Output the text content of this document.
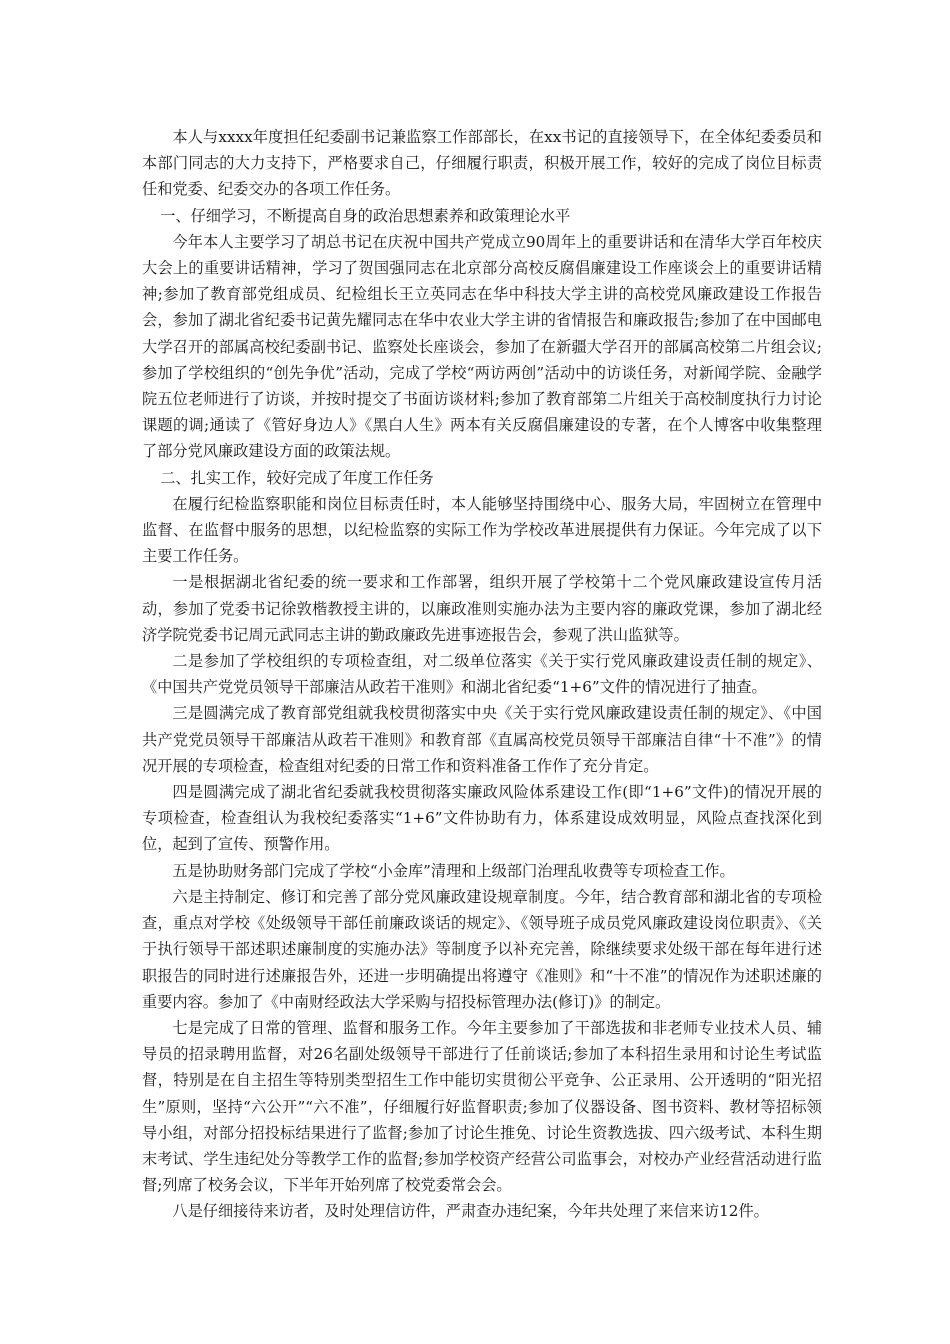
本人与xxxx年度担任纪委副书记兼监察工作部部长，在xx书记的直接领导下，在全体纪委委员和本部门同志的大力支持下，严格要求自己，仔细履行职责，积极开展工作，较好的完成了岗位目标责任和党委、纪委交办的各项工作任务。

一、仔细学习，不断提高自身的政治思想素养和政策理论水平

今年本人主要学习了胡总书记在庆祝中国共产党成立90周年上的重要讲话和在清华大学百年校庆大会上的重要讲话精神，学习了贺国强同志在北京部分高校反腐倡廉建设工作座谈会上的重要讲话精神;参加了教育部党组成员、纪检组长王立英同志在华中科技大学主讲的高校党风廉政建设工作报告会，参加了湖北省纪委书记黄先耀同志在华中农业大学主讲的省情报告和廉政报告;参加了在中国邮电大学召开的部属高校纪委副书记、监察处长座谈会，参加了在新疆大学召开的部属高校第二片组会议;参加了学校组织的“创先争优”活动，完成了学校“两访两创”活动中的访谈任务，对新闻学院、金融学院五位老师进行了访谈，并按时提交了书面访谈材料;参加了教育部第二片组关于高校制度执行力讨论课题的调;通读了《管好身边人》《黑白人生》两本有关反腐倡廉建设的专著，在个人博客中收集整理了部分党风廉政建设方面的政策法规。

二、扎实工作，较好完成了年度工作任务

在履行纪检监察职能和岗位目标责任时，本人能够坚持围绕中心、服务大局，牢固树立在管理中监督、在监督中服务的思想，以纪检监察的实际工作为学校改革进展提供有力保证。今年完成了以下主要工作任务。

一是根据湖北省纪委的统一要求和工作部署，组织开展了学校第十二个党风廉政建设宣传月活动，参加了党委书记徐敦楷教授主讲的，以廉政准则实施办法为主要内容的廉政党课，参加了湖北经济学院党委书记周元武同志主讲的勤政廉政先进事迹报告会，参观了洪山监狱等。

二是参加了学校组织的专项检查组，对二级单位落实《关于实行党风廉政建设责任制的规定》、《中国共产党党员领导干部廉洁从政若干准则》和湖北省纪委“1+6”文件的情况进行了抽查。

三是圆满完成了教育部党组就我校贯彻落实中央《关于实行党风廉政建设责任制的规定》、《中国共产党党员领导干部廉洁从政若干准则》和教育部《直属高校党员领导干部廉洁自律“十不准”》的情况开展的专项检查，检查组对纪委的日常工作和资料准备工作作了充分肯定。

四是圆满完成了湖北省纪委就我校贯彻落实廉政风险体系建设工作(即“1+6”文件)的情况开展的专项检查，检查组认为我校纪委落实“1+6”文件协助有力，体系建设成效明显，风险点查找深化到位，起到了宣传、预警作用。

五是协助财务部门完成了学校“小金库”清理和上级部门治理乱收费等专项检查工作。

六是主持制定、修订和完善了部分党风廉政建设规章制度。今年，结合教育部和湖北省的专项检查，重点对学校《处级领导干部任前廉政谈话的规定》、《领导班子成员党风廉政建设岗位职责》、《关于执行领导干部述职述廉制度的实施办法》等制度予以补充完善，除继续要求处级干部在每年进行述职报告的同时进行述廉报告外，还进一步明确提出将遵守《准则》和“十不准”的情况作为述职述廉的重要内容。参加了《中南财经政法大学采购与招投标管理办法(修订)》的制定。

七是完成了日常的管理、监督和服务工作。今年主要参加了干部选拔和非老师专业技术人员、辅导员的招录聘用监督，对26名副处级领导干部进行了任前谈话;参加了本科招生录用和讨论生考试监督，特别是在自主招生等特别类型招生工作中能切实贯彻公平竞争、公正录用、公开透明的“阳光招生”原则，坚持“六公开”“六不准”，仔细履行好监督职责;参加了仪器设备、图书资料、教材等招标领导小组，对部分招投标结果进行了监督;参加了讨论生推免、讨论生资教选拔、四六级考试、本科生期末考试、学生违纪处分等教学工作的监督;参加学校资产经营公司监事会，对校办产业经营活动进行监督;列席了校务会议，下半年开始列席了校党委常会会。

八是仔细接待来访者，及时处理信访件，严肃查办违纪案，今年共处理了来信来访12件。
